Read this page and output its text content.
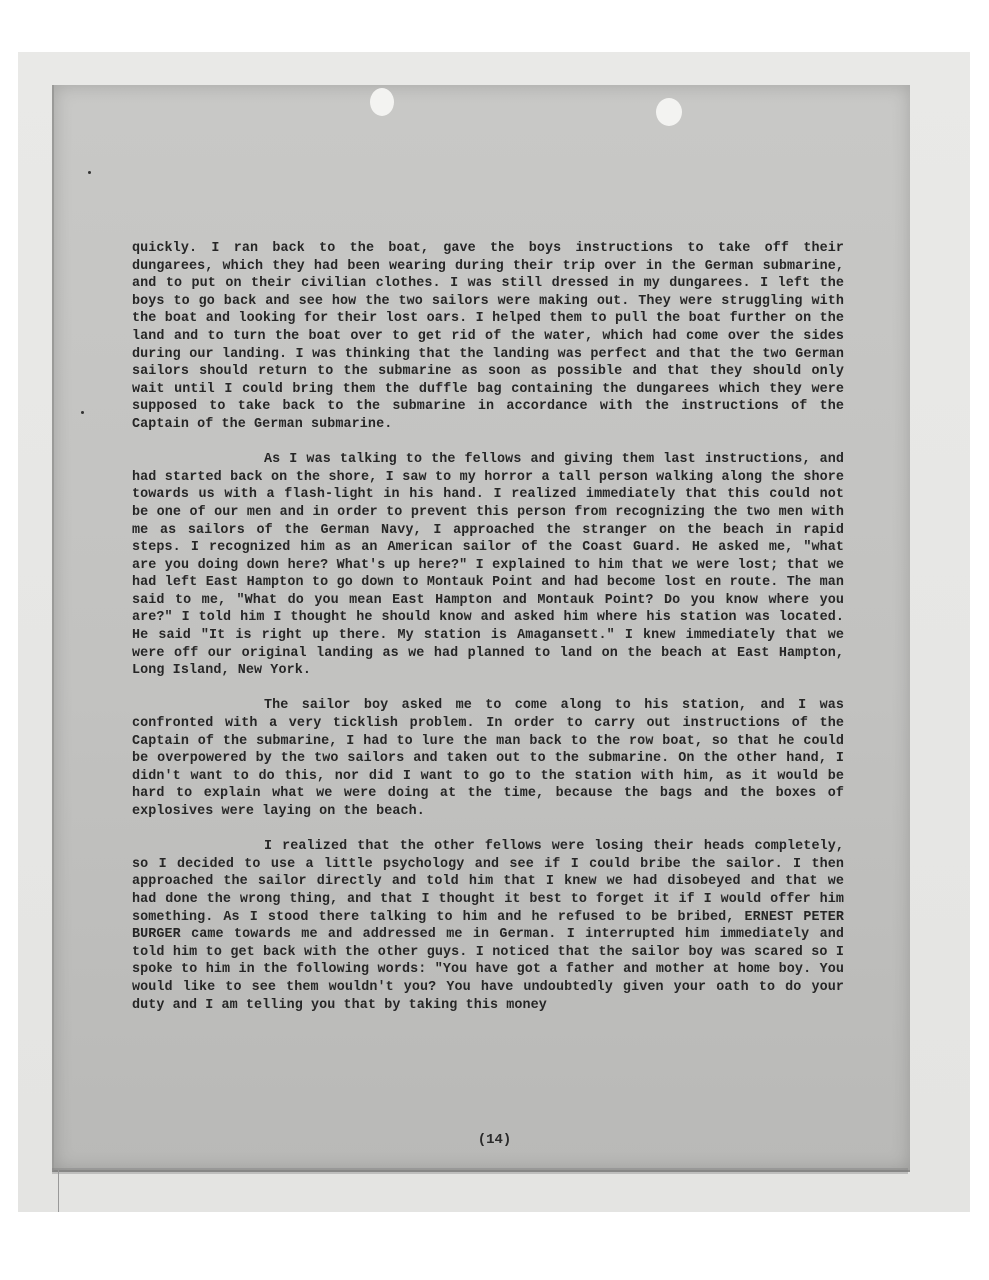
quickly. I ran back to the boat, gave the boys instructions to take off their dungarees, which they had been wearing during their trip over in the German submarine, and to put on their civilian clothes. I was still dressed in my dungarees. I left the boys to go back and see how the two sailors were making out. They were struggling with the boat and looking for their lost oars. I helped them to pull the boat further on the land and to turn the boat over to get rid of the water, which had come over the sides during our landing. I was thinking that the landing was perfect and that the two German sailors should return to the submarine as soon as possible and that they should only wait until I could bring them the duffle bag containing the dungarees which they were supposed to take back to the submarine in accordance with the instructions of the Captain of the German submarine.

As I was talking to the fellows and giving them last instructions, and had started back on the shore, I saw to my horror a tall person walking along the shore towards us with a flash-light in his hand. I realized immediately that this could not be one of our men and in order to prevent this person from recognizing the two men with me as sailors of the German Navy, I approached the stranger on the beach in rapid steps. I recognized him as an American sailor of the Coast Guard. He asked me, "what are you doing down here? What's up here?" I explained to him that we were lost; that we had left East Hampton to go down to Montauk Point and had become lost en route. The man said to me, "What do you mean East Hampton and Montauk Point? Do you know where you are?" I told him I thought he should know and asked him where his station was located. He said "It is right up there. My station is Amagansett." I knew immediately that we were off our original landing as we had planned to land on the beach at East Hampton, Long Island, New York.

The sailor boy asked me to come along to his station, and I was confronted with a very ticklish problem. In order to carry out instructions of the Captain of the submarine, I had to lure the man back to the row boat, so that he could be overpowered by the two sailors and taken out to the submarine. On the other hand, I didn't want to do this, nor did I want to go to the station with him, as it would be hard to explain what we were doing at the time, because the bags and the boxes of explosives were laying on the beach.

I realized that the other fellows were losing their heads completely, so I decided to use a little psychology and see if I could bribe the sailor. I then approached the sailor directly and told him that I knew we had disobeyed and that we had done the wrong thing, and that I thought it best to forget it if I would offer him something. As I stood there talking to him and he refused to be bribed, ERNEST PETER BURGER came towards me and addressed me in German. I interrupted him immediately and told him to get back with the other guys. I noticed that the sailor boy was scared so I spoke to him in the following words: "You have got a father and mother at home boy. You would like to see them wouldn't you? You have undoubtedly given your oath to do your duty and I am telling you that by taking this money

(14)
